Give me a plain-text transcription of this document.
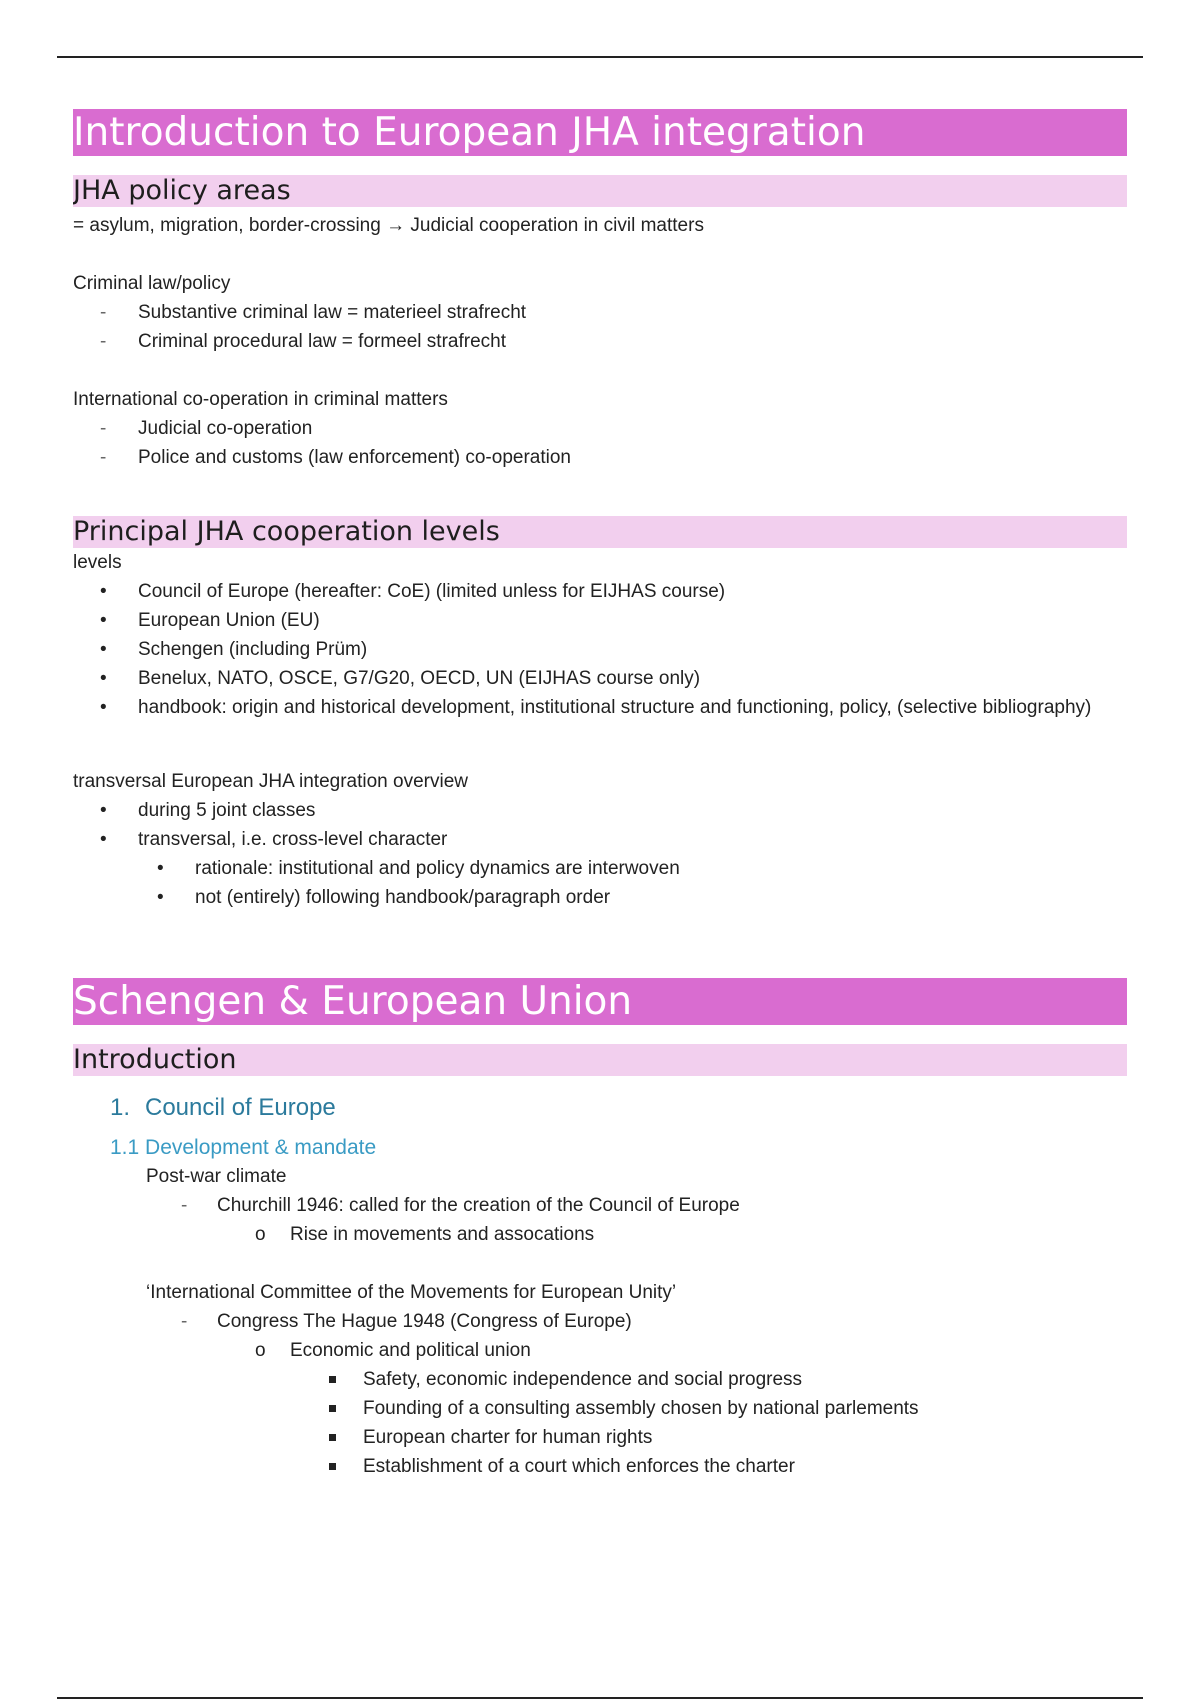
Introduction to European JHA integration
JHA policy areas
= asylum, migration, border-crossing → Judicial cooperation in civil matters
Criminal law/policy
- Substantive criminal law = materieel strafrecht
- Criminal procedural law = formeel strafrecht
International co-operation in criminal matters
- Judicial co-operation
- Police and customs (law enforcement) co-operation
Principal JHA cooperation levels
levels
• Council of Europe (hereafter: CoE) (limited unless for EIJHAS course)
• European Union (EU)
• Schengen (including Prüm)
• Benelux, NATO, OSCE, G7/G20, OECD, UN (EIJHAS course only)
• handbook: origin and historical development, institutional structure and functioning, policy, (selective bibliography)
transversal European JHA integration overview
• during 5 joint classes
• transversal, i.e. cross-level character
• rationale: institutional and policy dynamics are interwoven
• not (entirely) following handbook/paragraph order
Schengen & European Union
Introduction
1. Council of Europe
1.1 Development & mandate
Post-war climate
- Churchill 1946: called for the creation of the Council of Europe
o Rise in movements and assocations
‘International Committee of the Movements for European Unity’
- Congress The Hague 1948 (Congress of Europe)
o Economic and political union
Safety, economic independence and social progress
Founding of a consulting assembly chosen by national parlements
European charter for human rights
Establishment of a court which enforces the charter
